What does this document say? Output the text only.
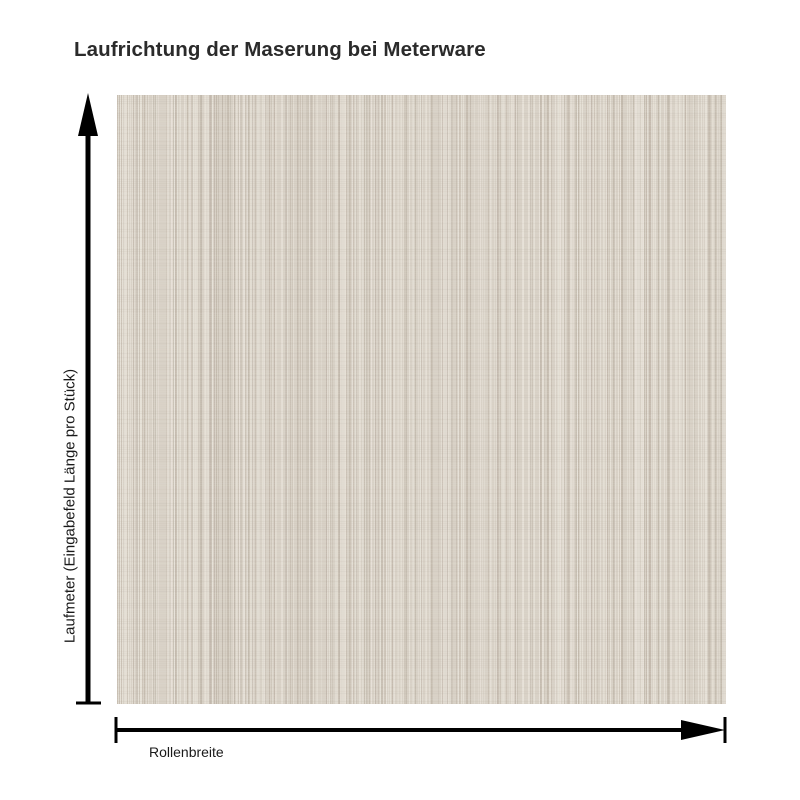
Laufrichtung der Maserung bei Meterware
Laufmeter (Eingabefeld Länge pro Stück)
Rollenbreite
